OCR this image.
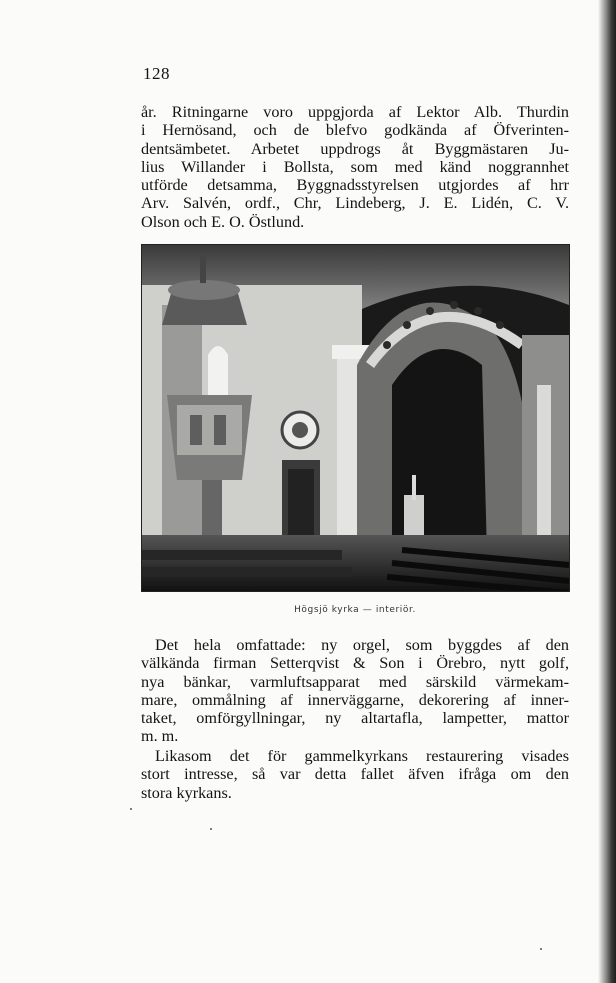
128

år. Ritningarne voro uppgjorda af Lektor Alb. Thurdin
i Hernösand, och de blefvo godkända af Öfverinten-
dentsämbetet. Arbetet uppdrogs åt Byggmästaren Ju-
lius Willander i Bollsta, som med känd noggrannhet
utförde detsamma, Byggnadsstyrelsen utgjordes af hrr
Arv. Salvén, ordf., Chr, Lindeberg, J. E. Lidén, C. V.
Olson och E. O. Östlund.

Högsjö kyrka — interiör.

Det hela omfattade: ny orgel, som byggdes af den
välkända firman Setterqvist & Son i Örebro, nytt golf,
nya bänkar, varmluftsapparat med särskild värmekam-
mare, ommålning af innerväggarne, dekorering af inner-
taket, omförgyllningar, ny altartafla, lampetter, mattor
m. m.

Likasom det för gammelkyrkans restaurering visades
stort intresse, så var detta fallet äfven ifråga om den
stora kyrkans.
